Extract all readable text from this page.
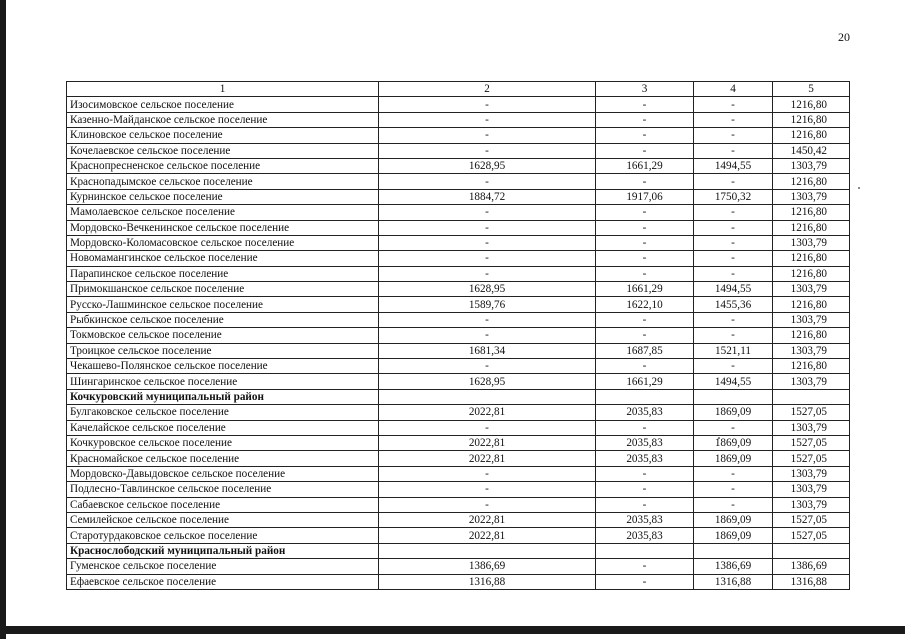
20
1	2	3	4	5
Изосимовское сельское поселение	-	-	-	1216,80
Казенно-Майданское сельское поселение	-	-	-	1216,80
Клиновское сельское поселение	-	-	-	1216,80
Кочелаевское сельское поселение	-	-	-	1450,42
Краснопресненское сельское поселение	1628,95	1661,29	1494,55	1303,79
Краснопадымское сельское поселение	-	-	-	1216,80
Курнинское сельское поселение	1884,72	1917,06	1750,32	1303,79
Мамолаевское сельское поселение	-	-	-	1216,80
Мордовско-Вечкенинское сельское поселение	-	-	-	1216,80
Мордовско-Коломасовское сельское поселение	-	-	-	1303,79
Новомамангинское сельское поселение	-	-	-	1216,80
Парапинское сельское поселение	-	-	-	1216,80
Примокшанское сельское поселение	1628,95	1661,29	1494,55	1303,79
Русско-Лашминское сельское поселение	1589,76	1622,10	1455,36	1216,80
Рыбкинское сельское поселение	-	-	-	1303,79
Токмовское сельское поселение	-	-	-	1216,80
Троицкое сельское поселение	1681,34	1687,85	1521,11	1303,79
Чекашево-Полянское сельское поселение	-	-	-	1216,80
Шингаринское сельское поселение	1628,95	1661,29	1494,55	1303,79
Кочкуровский муниципальный район				
Булгаковское сельское поселение	2022,81	2035,83	1869,09	1527,05
Качелайское сельское поселение	-	-	-	1303,79
Кочкуровское сельское поселение	2022,81	2035,83	1869,09	1527,05
Красномайское сельское поселение	2022,81	2035,83	1869,09	1527,05
Мордовско-Давыдовское сельское поселение	-	-	-	1303,79
Подлесно-Тавлинское сельское поселение	-	-	-	1303,79
Сабаевское сельское поселение	-	-	-	1303,79
Семилейское сельское поселение	2022,81	2035,83	1869,09	1527,05
Старотурдаковское сельское поселение	2022,81	2035,83	1869,09	1527,05
Краснослободский муниципальный район				
Гуменское сельское поселение	1386,69	-	1386,69	1386,69
Ефаевское сельское поселение	1316,88	-	1316,88	1316,88
